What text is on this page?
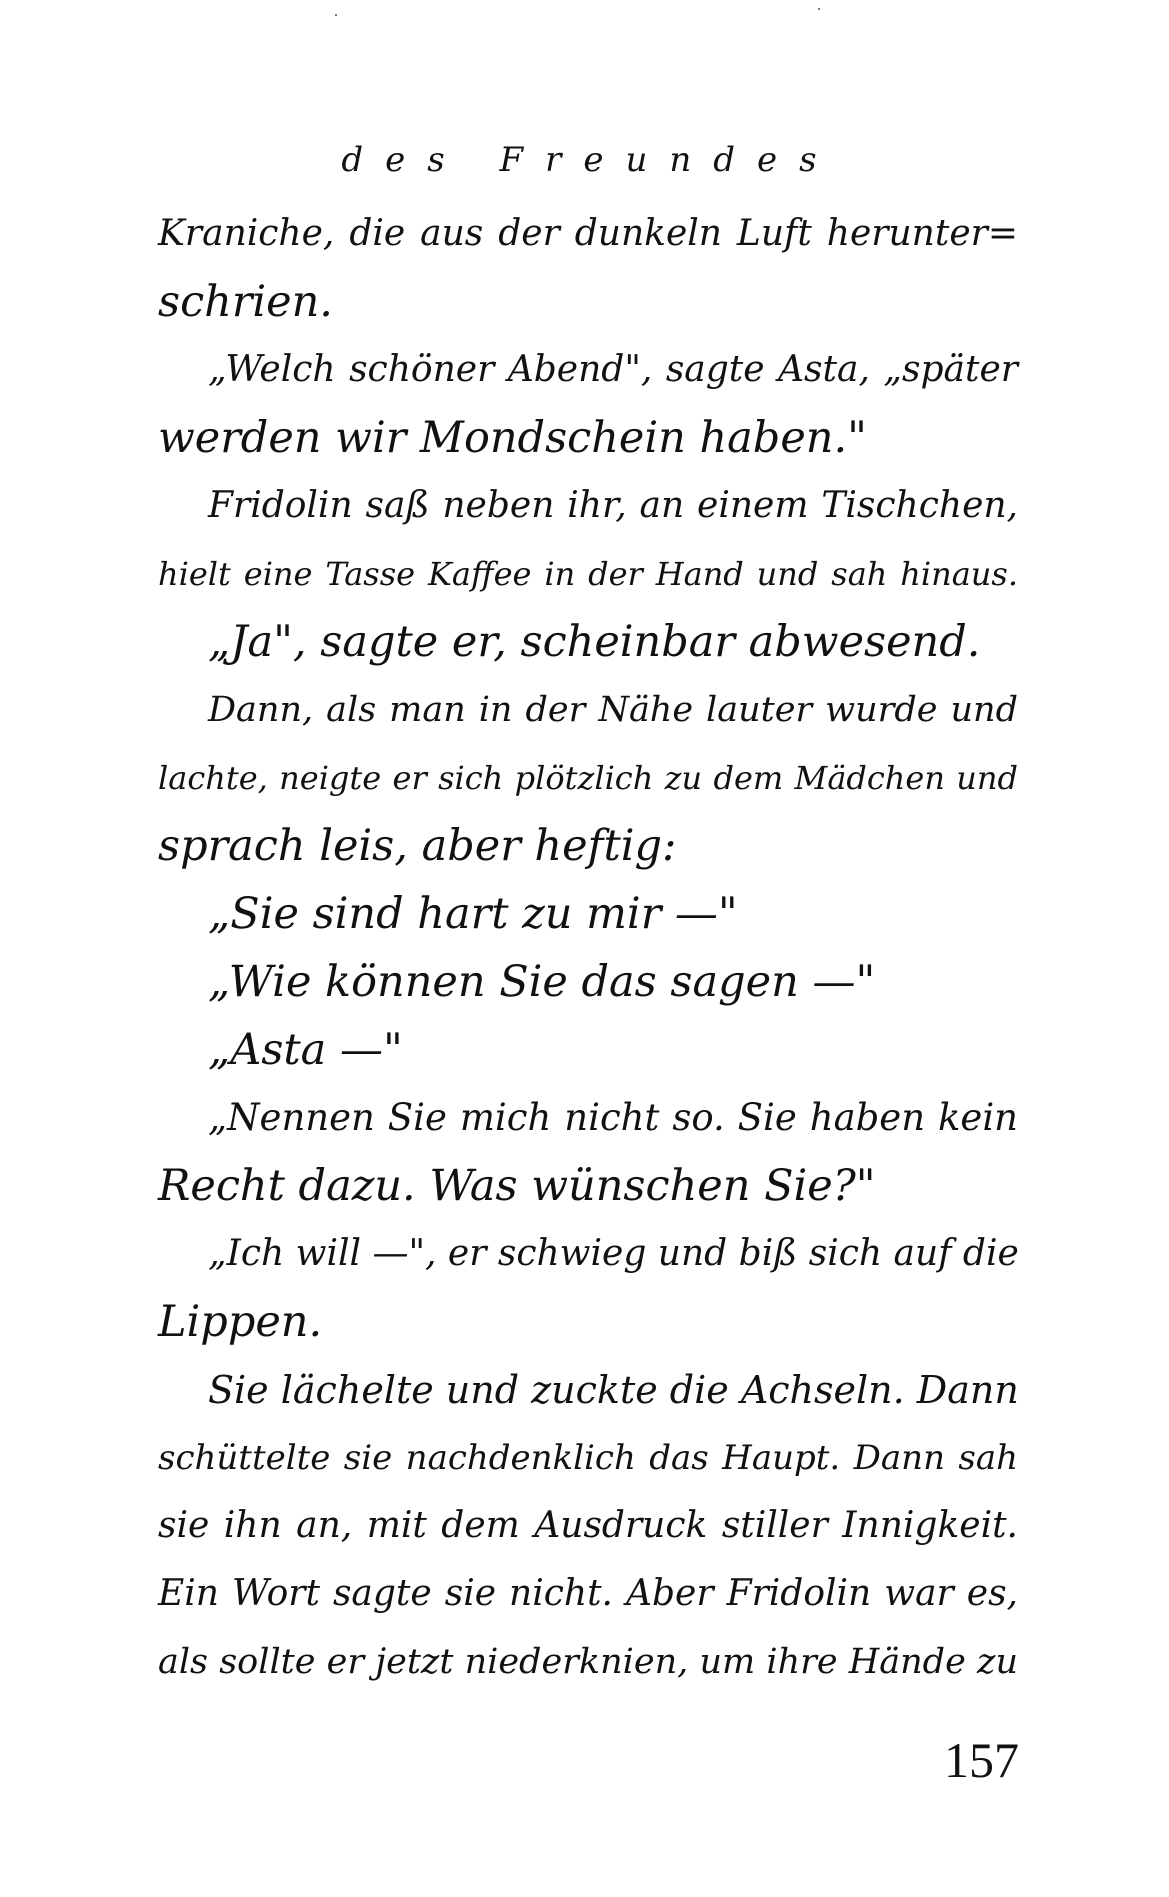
des Freundes
Kraniche, die aus der dunkeln Luft herunter=
schrien.
„Welch schöner Abend", sagte Asta, „später
werden wir Mondschein haben."
Fridolin saß neben ihr, an einem Tischchen,
hielt eine Tasse Kaffee in der Hand und sah hinaus.
„Ja", sagte er, scheinbar abwesend.
Dann, als man in der Nähe lauter wurde und
lachte, neigte er sich plötzlich zu dem Mädchen und
sprach leis, aber heftig:
„Sie sind hart zu mir —"
„Wie können Sie das sagen —"
„Asta —"
„Nennen Sie mich nicht so. Sie haben kein
Recht dazu. Was wünschen Sie?"
„Ich will —", er schwieg und biß sich auf die
Lippen.
Sie lächelte und zuckte die Achseln. Dann
schüttelte sie nachdenklich das Haupt. Dann sah
sie ihn an, mit dem Ausdruck stiller Innigkeit.
Ein Wort sagte sie nicht. Aber Fridolin war es,
als sollte er jetzt niederknien, um ihre Hände zu
157
